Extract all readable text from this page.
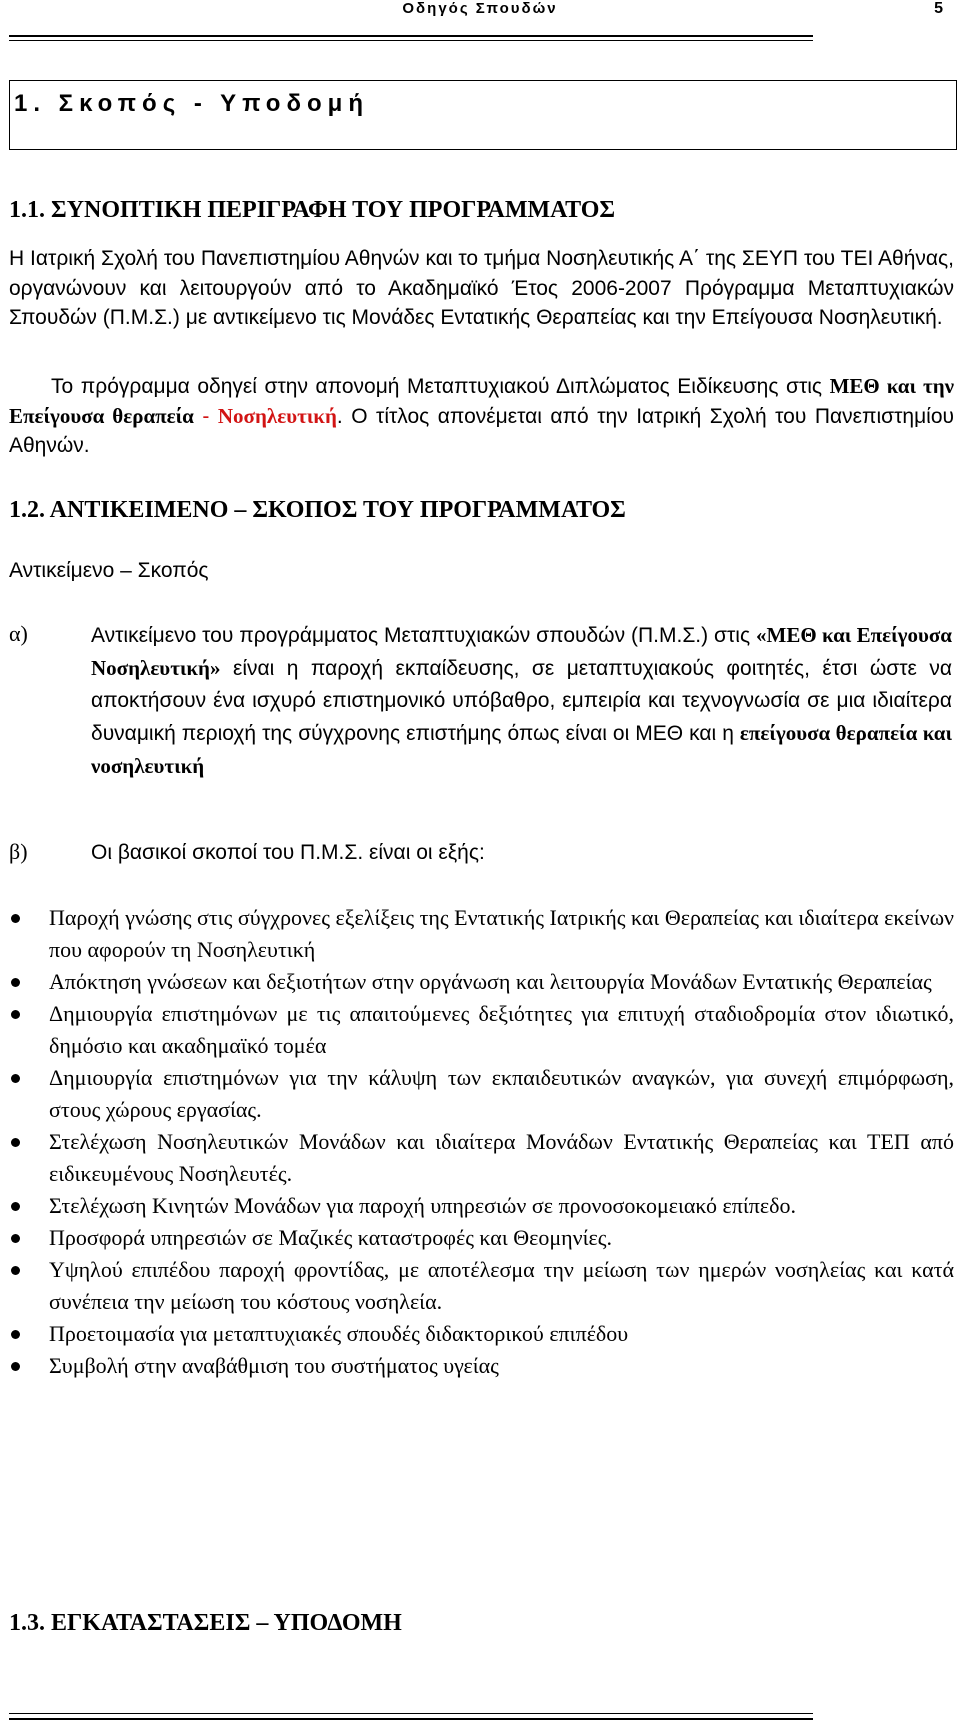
Οδηγός Σπουδών	5
1. Σκοπός - Υποδομή
1.1. ΣΥΝΟΠΤΙΚΗ ΠΕΡΙΓΡΑΦΗ ΤΟΥ ΠΡΟΓΡΑΜΜΑΤΟΣ
Η Ιατρική Σχολή του Πανεπιστημίου Αθηνών και το τμήμα Νοσηλευτικής Α΄ της ΣΕΥΠ του ΤΕΙ Αθήνας, οργανώνουν και λειτουργούν από το Ακαδημαϊκό Έτος 2006-2007 Πρόγραμμα Μεταπτυχιακών Σπουδών (Π.Μ.Σ.) με αντικείμενο τις Μονάδες Εντατικής Θεραπείας και την Επείγουσα Νοσηλευτική.
Το πρόγραμμα οδηγεί στην απονομή Μεταπτυχιακού Διπλώματος Ειδίκευσης στις ΜΕΘ και την Επείγουσα θεραπεία - Νοσηλευτική. Ο τίτλος απονέμεται από την Ιατρική Σχολή του Πανεπιστημίου Αθηνών.
1.2. ΑΝΤΙΚΕΙΜΕΝΟ – ΣΚΟΠΟΣ ΤΟΥ ΠΡΟΓΡΑΜΜΑΤΟΣ
Αντικείμενο – Σκοπός
α)	Αντικείμενο του προγράμματος Μεταπτυχιακών σπουδών (Π.Μ.Σ.) στις «ΜΕΘ και Επείγουσα Νοσηλευτική» είναι η παροχή εκπαίδευσης, σε μεταπτυχιακούς φοιτητές, έτσι ώστε να αποκτήσουν ένα ισχυρό επιστημονικό υπόβαθρο, εμπειρία και τεχνογνωσία σε μια ιδιαίτερα δυναμική περιοχή της σύγχρονης επιστήμης όπως είναι οι ΜΕΘ και η επείγουσα θεραπεία και νοσηλευτική
β)	Οι βασικοί σκοποί του Π.Μ.Σ. είναι οι εξής:
Παροχή γνώσης στις σύγχρονες εξελίξεις της Εντατικής Ιατρικής και Θεραπείας και ιδιαίτερα εκείνων που αφορούν τη Νοσηλευτική
Απόκτηση γνώσεων και δεξιοτήτων στην οργάνωση και λειτουργία Μονάδων Εντατικής Θεραπείας
Δημιουργία επιστημόνων με τις απαιτούμενες δεξιότητες για επιτυχή σταδιοδρομία στον ιδιωτικό, δημόσιο και ακαδημαϊκό τομέα
Δημιουργία επιστημόνων για την κάλυψη των εκπαιδευτικών αναγκών, για συνεχή επιμόρφωση, στους χώρους εργασίας.
Στελέχωση Νοσηλευτικών Μονάδων και ιδιαίτερα Μονάδων Εντατικής Θεραπείας και ΤΕΠ από ειδικευμένους Νοσηλευτές.
Στελέχωση Κινητών Μονάδων για παροχή υπηρεσιών σε προνοσοκομειακό επίπεδο.
Προσφορά υπηρεσιών σε Μαζικές καταστροφές και Θεομηνίες.
Υψηλού επιπέδου παροχή φροντίδας, με αποτέλεσμα την μείωση των ημερών νοσηλείας και κατά συνέπεια την μείωση του κόστους νοσηλεία.
Προετοιμασία για μεταπτυχιακές σπουδές διδακτορικού επιπέδου
Συμβολή στην αναβάθμιση του συστήματος υγείας
1.3. ΕΓΚΑΤΑΣΤΑΣΕΙΣ – ΥΠΟΔΟΜΗ
